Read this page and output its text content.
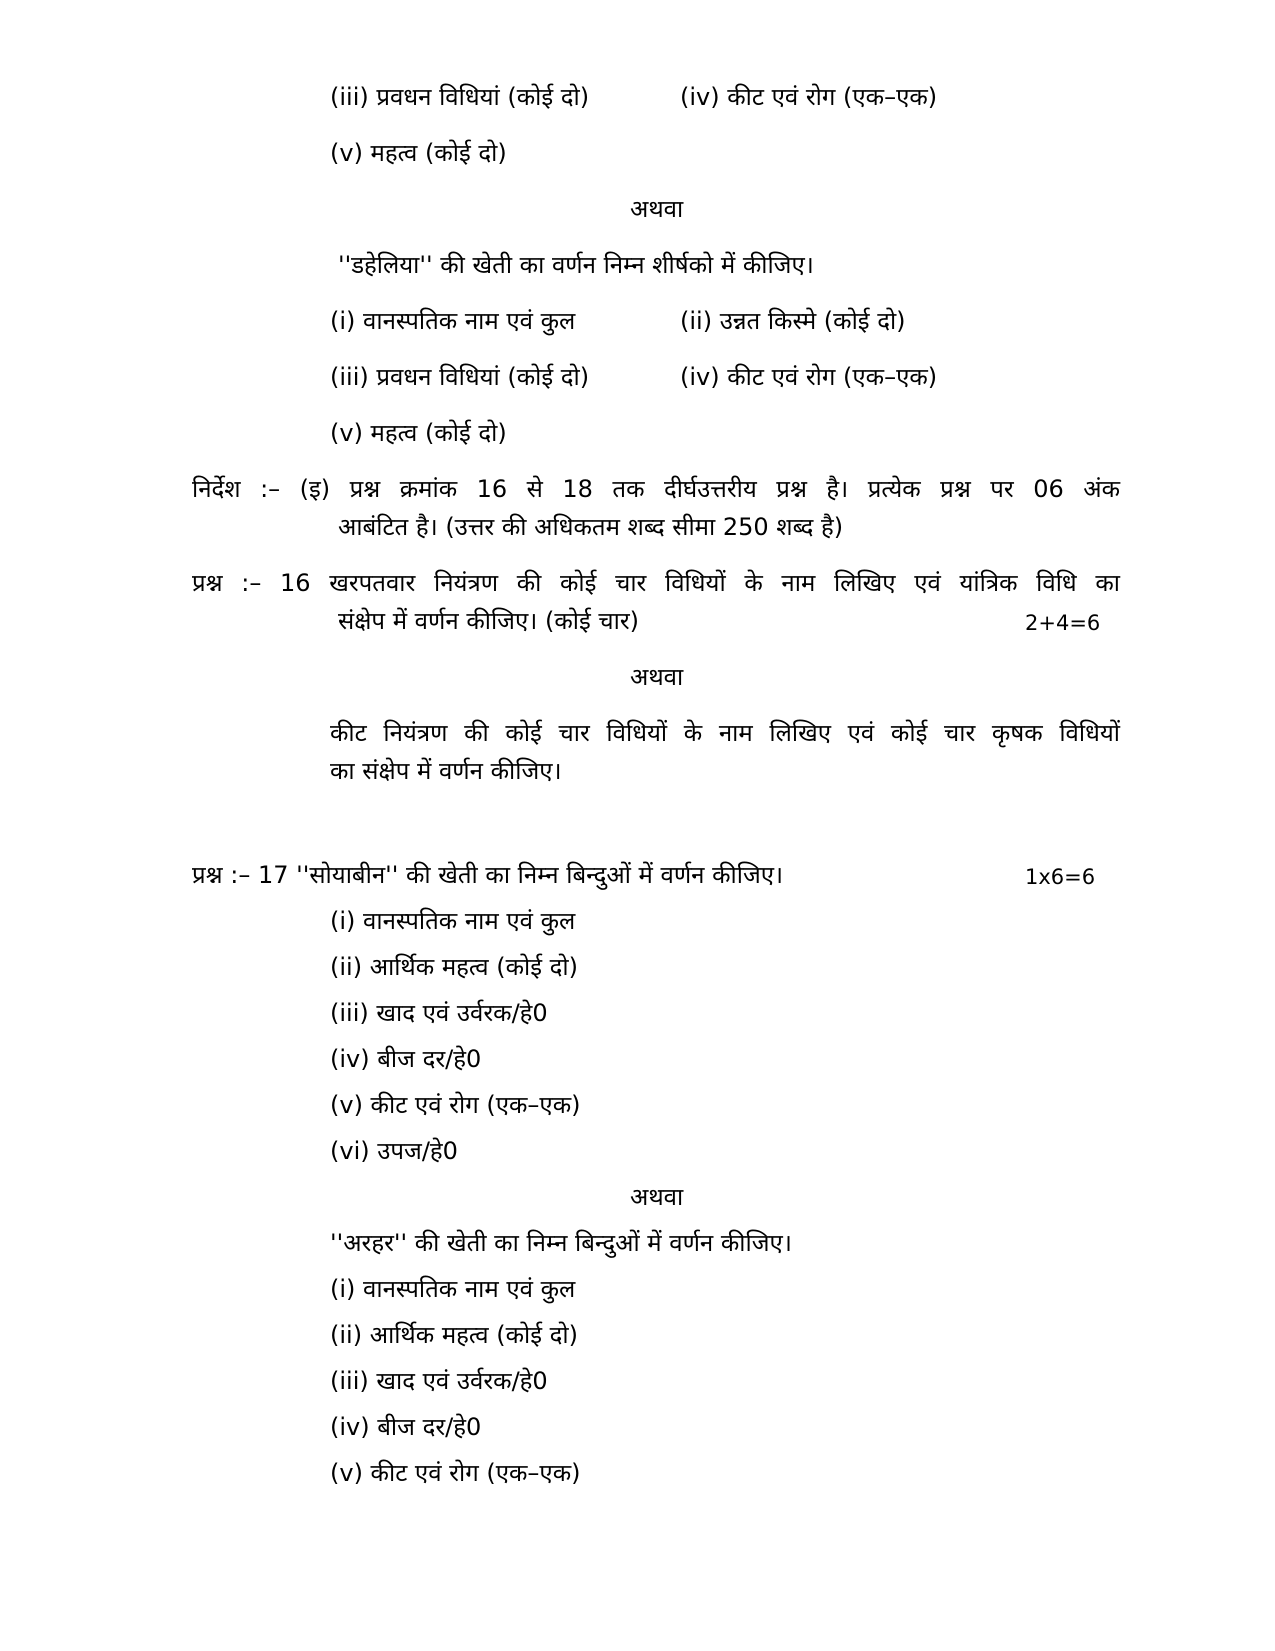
(iii) प्रवधन विधियां (कोई दो)	(iv) कीट एवं रोग (एक–एक)
(v) महत्व (कोई दो)
अथवा
''डहेलिया'' की खेती का वर्णन निम्न शीर्षको में कीजिए।
(i) वानस्पतिक नाम एवं कुल	(ii) उन्नत किस्मे (कोई दो)
(iii) प्रवधन विधियां (कोई दो)	(iv) कीट एवं रोग (एक–एक)
(v) महत्व (कोई दो)
निर्देश :– (इ) प्रश्न क्रमांक 16 से 18 तक दीर्घउत्तरीय प्रश्न है। प्रत्येक प्रश्न पर 06 अंक
आबंटित है। (उत्तर की अधिकतम शब्द सीमा 250 शब्द है)
प्रश्न :– 16 खरपतवार नियंत्रण की कोई चार विधियों के नाम लिखिए एवं यांत्रिक विधि का
संक्षेप में वर्णन कीजिए। (कोई चार)	2+4=6
अथवा
कीट नियंत्रण की कोई चार विधियों के नाम लिखिए एवं कोई चार कृषक विधियों
का संक्षेप में वर्णन कीजिए।
प्रश्न :– 17 ''सोयाबीन'' की खेती का निम्न बिन्दुओं में वर्णन कीजिए।	1x6=6
(i) वानस्पतिक नाम एवं कुल
(ii) आर्थिक महत्व (कोई दो)
(iii) खाद एवं उर्वरक/हे0
(iv) बीज दर/हे0
(v) कीट एवं रोग (एक–एक)
(vi) उपज/हे0
अथवा
''अरहर'' की खेती का निम्न बिन्दुओं में वर्णन कीजिए।
(i) वानस्पतिक नाम एवं कुल
(ii) आर्थिक महत्व (कोई दो)
(iii) खाद एवं उर्वरक/हे0
(iv) बीज दर/हे0
(v) कीट एवं रोग (एक–एक)
